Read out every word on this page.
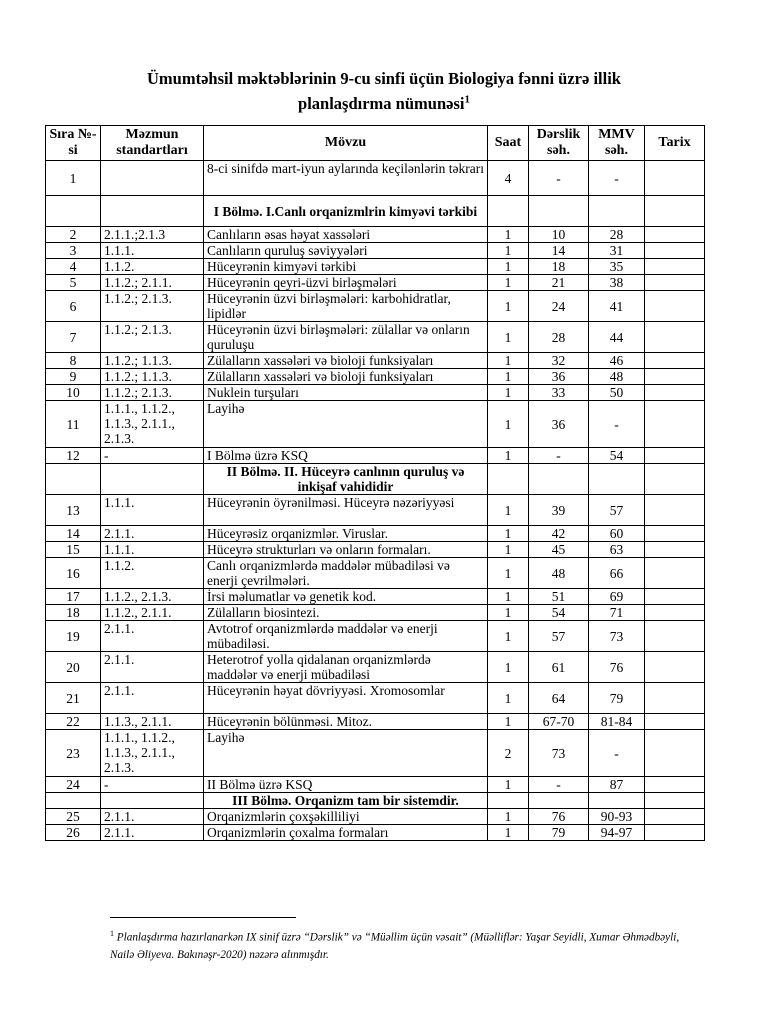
Ümumtəhsil məktəblərinin 9-cu sinfi üçün Biologiya fənni üzrə illik
planlaşdırma nümunəsi$^1$
Sıra №-si	Məzmun standartları	Mövzu	Saat	Dərslik səh.	MMV səh.	Tarix
1		8-ci sinifdə mart-iyun aylarında keçilənlərin təkrarı	4	-	-	
		I Bölmə. I.Canlı orqanizmlrin kimyəvi tərkibi				
2	2.1.1.;2.1.3	Canlıların əsas həyat xassələri	1	10	28	
3	1.1.1.	Canlıların quruluş səviyyələri	1	14	31	
4	1.1.2.	Hüceyrənin kimyəvi tərkibi	1	18	35	
5	1.1.2.; 2.1.1.	Hüceyrənin qeyri-üzvi birləşmələri	1	21	38	
6	1.1.2.; 2.1.3.	Hüceyrənin üzvi birləşmələri: karbohidratlar, lipidlər	1	24	41	
7	1.1.2.; 2.1.3.	Hüceyrənin üzvi birləşmələri: zülallar və onların quruluşu	1	28	44	
8	1.1.2.; 1.1.3.	Zülalların xassələri və bioloji funksiyaları	1	32	46	
9	1.1.2.; 1.1.3.	Zülalların xassələri və bioloji funksiyaları	1	36	48	
10	1.1.2.; 2.1.3.	Nuklein turşuları	1	33	50	
11	1.1.1., 1.1.2., 1.1.3., 2.1.1., 2.1.3.	Layihə	1	36	-	
12	-	I Bölmə üzrə KSQ	1	-	54	
		II Bölmə. II. Hüceyrə canlının quruluş və inkişaf vahididir				
13	1.1.1.	Hüceyrənin öyrənilməsi. Hüceyrə nəzəriyyəsi	1	39	57	
14	2.1.1.	Hüceyrəsiz orqanizmlər. Viruslar.	1	42	60	
15	1.1.1.	Hüceyrə strukturları və onların formaları.	1	45	63	
16	1.1.2.	Canlı orqanizmlərdə maddələr mübadiləsi və enerji çevrilmələri.	1	48	66	
17	1.1.2., 2.1.3.	İrsi məlumatlar və genetik kod.	1	51	69	
18	1.1.2., 2.1.1.	Zülalların biosintezi.	1	54	71	
19	2.1.1.	Avtotrof orqanizmlərdə maddələr və enerji mübadiləsi.	1	57	73	
20	2.1.1.	Heterotrof yolla qidalanan orqanizmlərdə maddələr və enerji mübadiləsi	1	61	76	
21	2.1.1.	Hüceyrənin həyat dövriyyəsi. Xromosomlar	1	64	79	
22	1.1.3., 2.1.1.	Hüceyrənin bölünməsi. Mitoz.	1	67-70	81-84	
23	1.1.1., 1.1.2., 1.1.3., 2.1.1., 2.1.3.	Layihə	2	73	-	
24	-	II Bölmə üzrə KSQ	1	-	87	
		III Bölmə. Orqanizm tam bir sistemdir.				
25	2.1.1.	Orqanizmlərin çoxşəkilliliyi	1	76	90-93	
26	2.1.1.	Orqanizmlərin çoxalma formaları	1	79	94-97	
$^1$ Planlaşdırma hazırlanarkən IX sinif üzrə “Dərslik” və “Müəllim üçün vəsait” (Müəlliflər: Yaşar Seyidli, Xumar Əhmədbəyli, Nailə Əliyeva. Bakınəşr-2020) nəzərə alınmışdır.
